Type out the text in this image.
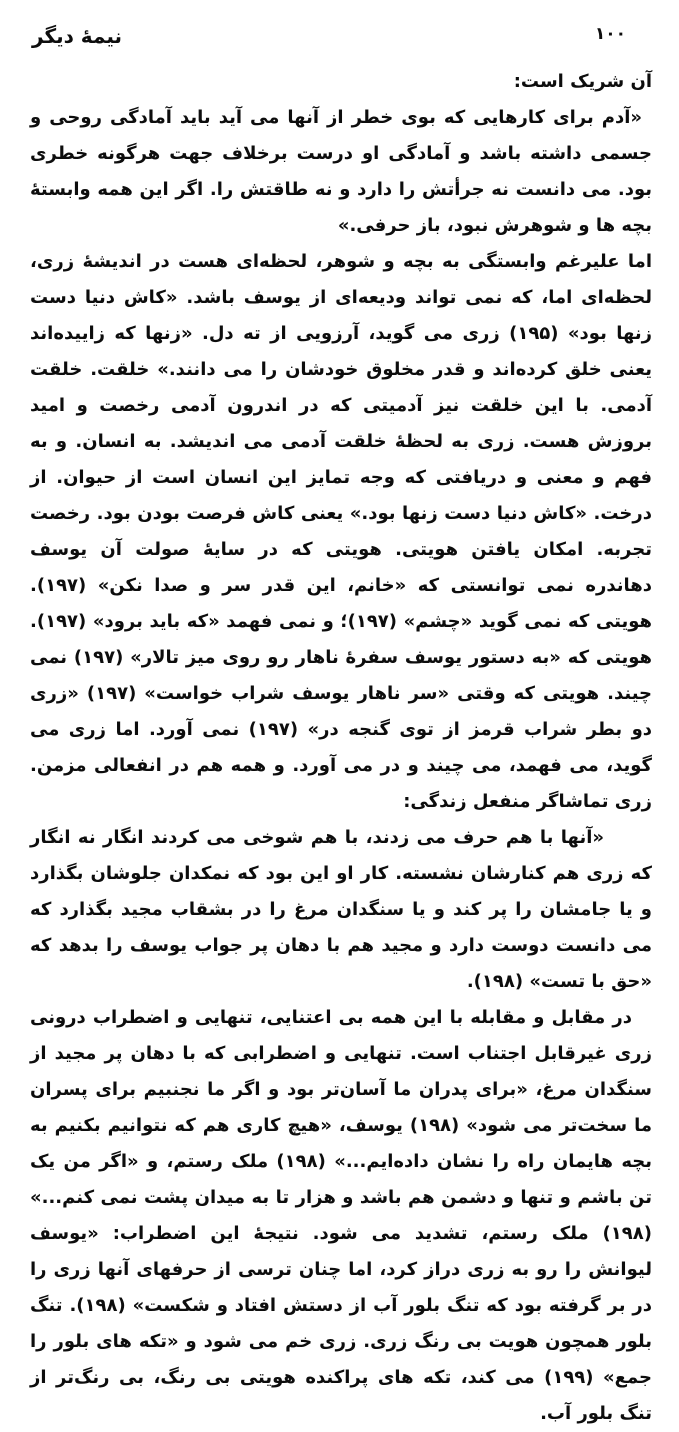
نیمهٔ دیگر	۱۰۰

آن شریک است:

«آدم برای کارهایی که بوی خطر از آنها می آید باید آمادگی روحی و جسمی داشته باشد و آمادگی او درست برخلاف جهت هرگونه خطری بود. می دانست نه جرأتش را دارد و نه طاقتش را. اگر این همه وابستهٔ بچه ها و شوهرش نبود، باز حرفی.»

اما علیرغم وابستگی به بچه و شوهر، لحظه‌ای هست در اندیشهٔ زری، لحظه‌ای اما، که نمی تواند ودیعه‌ای از یوسف باشد. «کاش دنیا دست زنها بود» (۱۹۵) زری می گوید، آرزویی از ته دل. «زنها که زاییده‌اند یعنی خلق کرده‌اند و قدر مخلوق خودشان را می دانند.» خلقت. خلقت آدمی. با این خلقت نیز آدمیتی که در اندرون آدمی رخصت و امید بروزش هست. زری به لحظهٔ خلقت آدمی می اندیشد. به انسان. و به فهم و معنی و دریافتی که وجه تمایز این انسان است از حیوان. از درخت. «کاش دنیا دست زنها بود.» یعنی کاش فرصت بودن بود. رخصت تجربه. امکان یافتن هویتی. هویتی که در سایهٔ صولت آن یوسف دهاندره نمی توانستی که «خانم، این قدر سر و صدا نکن» (۱۹۷). هویتی که نمی گوید «چشم» (۱۹۷)؛ و نمی فهمد «که باید برود» (۱۹۷). هویتی که «به دستور یوسف سفرهٔ ناهار رو روی میز تالار» (۱۹۷) نمی چیند. هویتی که وقتی «سر ناهار یوسف شراب خواست» (۱۹۷) «زری دو بطر شراب قرمز از توی گنجه در» (۱۹۷) نمی آورد. اما زری می گوید، می فهمد، می چیند و در می آورد. و همه هم در انفعالی مزمن. زری تماشاگر منفعل زندگی:

«آنها با هم حرف می زدند، با هم شوخی می کردند انگار نه انگار که زری هم کنارشان نشسته. کار او این بود که نمکدان جلوشان بگذارد و یا جامشان را پر کند و یا سنگدان مرغ را در بشقاب مجید بگذارد که می دانست دوست دارد و مجید هم با دهان پر جواب یوسف را بدهد که «حق با تست» (۱۹۸).

در مقابل و مقابله با این همه بی اعتنایی، تنهایی و اضطراب درونی زری غیرقابل اجتناب است. تنهایی و اضطرابی که با دهان پر مجید از سنگدان مرغ، «برای پدران ما آسان‌تر بود و اگر ما نجنبیم برای پسران ما سخت‌تر می شود» (۱۹۸) یوسف، «هیچ کاری هم که نتوانیم بکنیم به بچه هایمان راه را نشان داده‌ایم...» (۱۹۸) ملک رستم، و «اگر من یک تن باشم و تنها و دشمن هم باشد و هزار تا به میدان پشت نمی کنم...» (۱۹۸) ملک رستم، تشدید می شود. نتیجهٔ این اضطراب: «یوسف لیوانش را رو به زری دراز کرد، اما چنان ترسی از حرفهای آنها زری را در بر گرفته بود که تنگ بلور آب از دستش افتاد و شکست» (۱۹۸). تنگ بلور همچون هویت بی رنگ زری. زری خم می شود و «تکه های بلور را جمع» (۱۹۹) می کند، تکه های پراکنده هویتی بی رنگ، بی رنگ‌تر از تنگ بلور آب.
